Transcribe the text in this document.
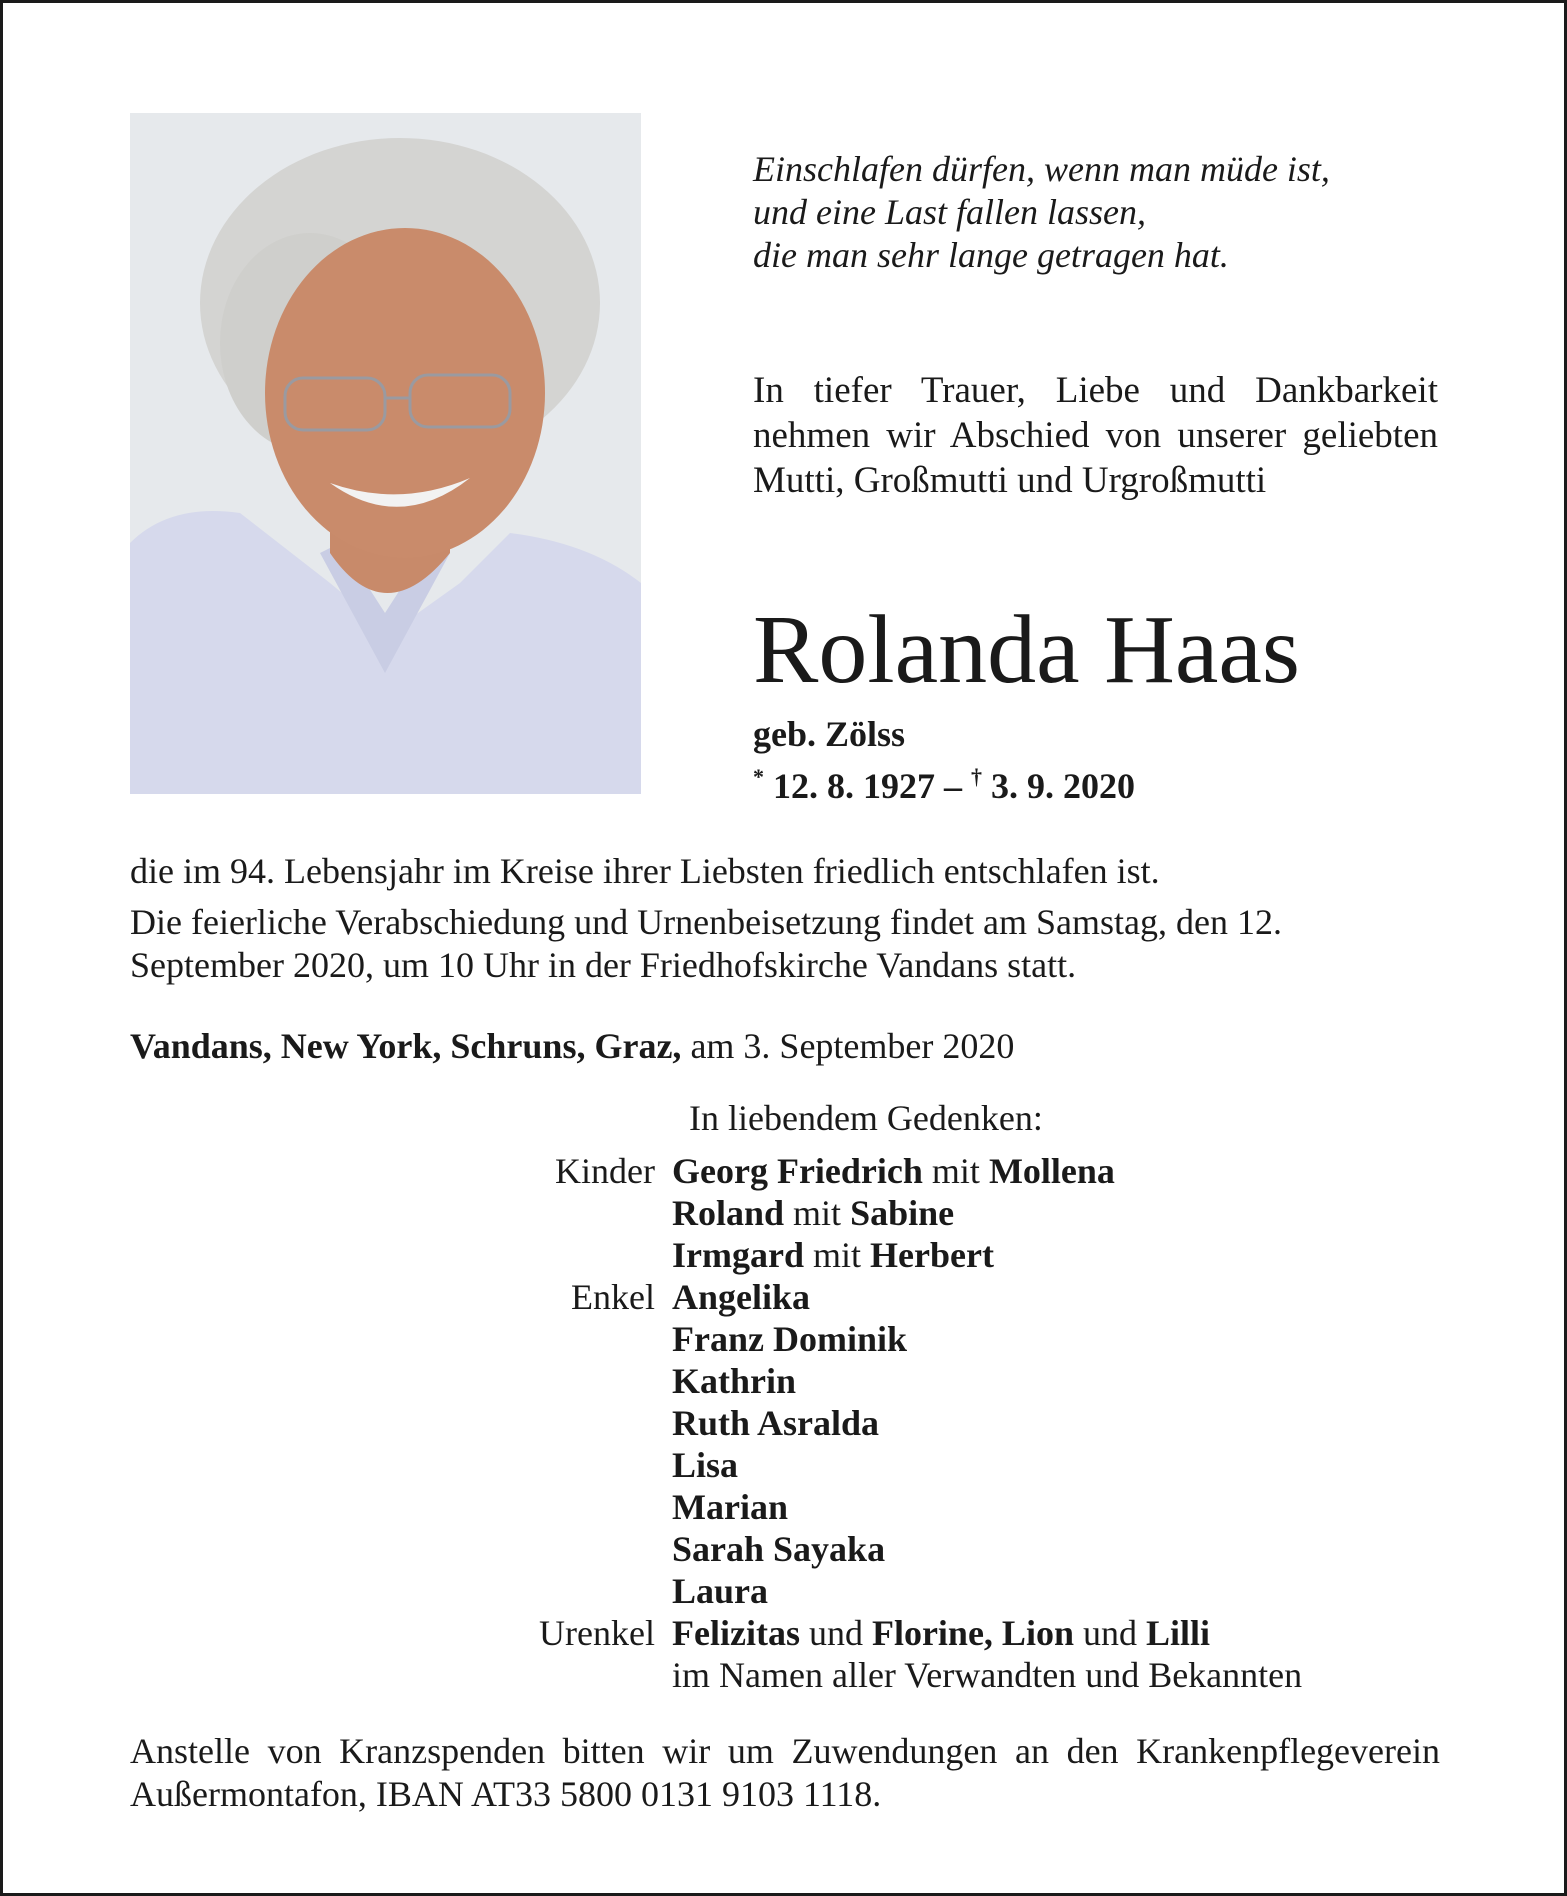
Einschlafen dürfen, wenn man müde ist,
und eine Last fallen lassen,
die man sehr lange getragen hat.
In tiefer Trauer, Liebe und Dankbarkeit nehmen wir Abschied von unserer geliebten Mutti, Großmutti und Urgroßmutti
Rolanda Haas
geb. Zölss
* 12. 8. 1927 – † 3. 9. 2020

die im 94. Lebensjahr im Kreise ihrer Liebsten friedlich entschlafen ist.

Die feierliche Verabschiedung und Urnenbeisetzung findet am Samstag, den 12. September 2020, um 10 Uhr in der Friedhofskirche Vandans statt.

Vandans, New York, Schruns, Graz, am 3. September 2020
In liebendem Gedenken:
Kinder Georg Friedrich mit Mollena
Roland mit Sabine
Irmgard mit Herbert
Enkel Angelika
Franz Dominik
Kathrin
Ruth Asralda
Lisa
Marian
Sarah Sayaka
Laura
Urenkel Felizitas und Florine, Lion und Lilli
im Namen aller Verwandten und Bekannten
Anstelle von Kranzspenden bitten wir um Zuwendungen an den Krankenpflegeverein Außermontafon, IBAN AT33 5800 0131 9103 1118.
